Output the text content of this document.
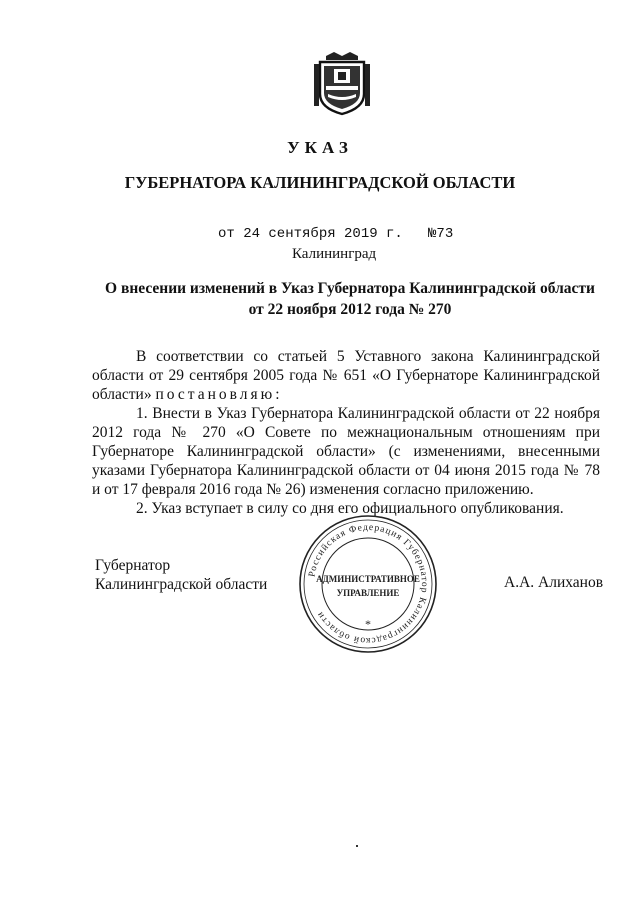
УКАЗ
ГУБЕРНАТОРА КАЛИНИНГРАДСКОЙ ОБЛАСТИ
от 24 сентября 2019 г.   №73
Калининград
О внесении изменений в Указ Губернатора Калининградской области
от 22 ноября 2012 года № 270

В соответствии со статьей 5 Уставного закона Калининградской области от 29 сентября 2005 года № 651 «О Губернаторе Калининградской области» постановляю:

1. Внести в Указ Губернатора Калининградской области от 22 ноября 2012 года № 270 «О Совете по межнациональным отношениям при Губернаторе Калининградской области» (с изменениями, внесенными указами Губернатора Калининградской области от 04 июня 2015 года № 78 и от 17 февраля 2016 года № 26) изменения согласно приложению.

2. Указ вступает в силу со дня его официального опубликования.

Губернатор
Калининградской области	А.А. Алиханов
Российская Федерация Губернатор Калининградской области
АДМИНИСТРАТИВНОЕ
УПРАВЛЕНИЕ
*
